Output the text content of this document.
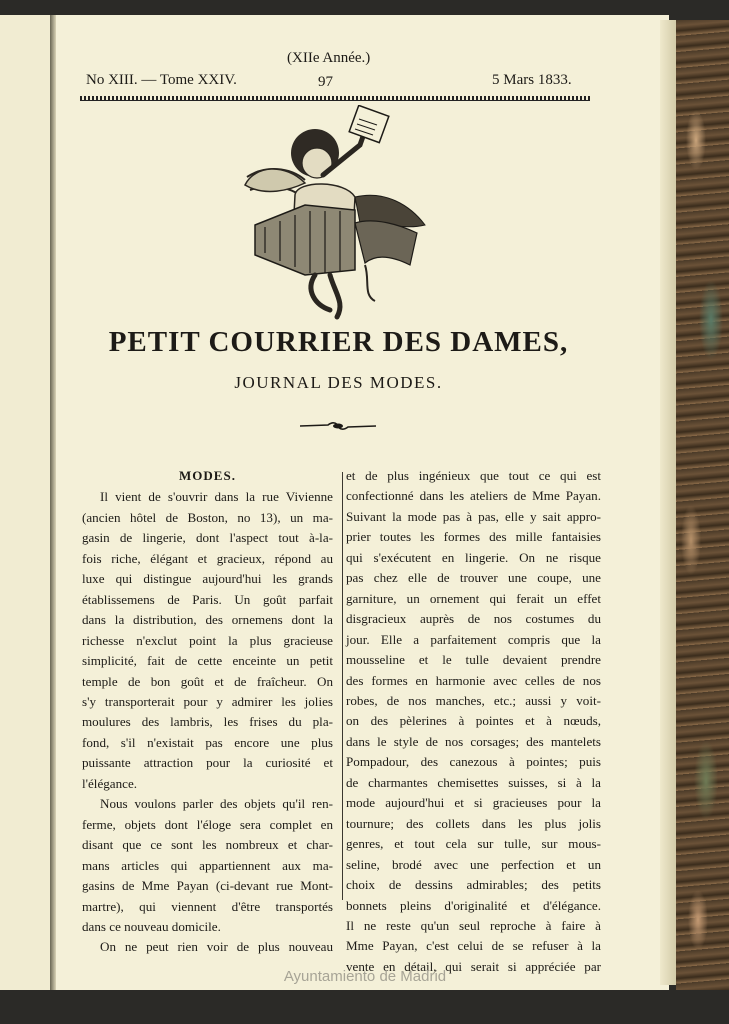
(XIIe Année.)
No XIII. — Tome XXIV.	97	5 Mars 1833.
PETIT COURRIER DES DAMES,
JOURNAL DES MODES.
MODES.
Il vient de s'ouvrir dans la rue Vivienne
(ancien hôtel de Boston, no 13), un ma-
gasin de lingerie, dont l'aspect tout à-la-
fois riche, élégant et gracieux, répond au
luxe qui distingue aujourd'hui les grands
établissemens de Paris. Un goût parfait
dans la distribution, des ornemens dont la
richesse n'exclut point la plus gracieuse
simplicité, fait de cette enceinte un petit
temple de bon goût et de fraîcheur. On
s'y transporterait pour y admirer les jolies
moulures des lambris, les frises du pla-
fond, s'il n'existait pas encore une plus
puissante attraction pour la curiosité et
l'élégance.
Nous voulons parler des objets qu'il ren-
ferme, objets dont l'éloge sera complet en
disant que ce sont les nombreux et char-
mans articles qui appartiennent aux ma-
gasins de Mme Payan (ci-devant rue Mont-
martre), qui viennent d'être transportés
dans ce nouveau domicile.
On ne peut rien voir de plus nouveau
et de plus ingénieux que tout ce qui est
confectionné dans les ateliers de Mme Payan.
Suivant la mode pas à pas, elle y sait appro-
prier toutes les formes des mille fantaisies
qui s'exécutent en lingerie. On ne risque
pas chez elle de trouver une coupe, une
garniture, un ornement qui ferait un effet
disgracieux auprès de nos costumes du
jour. Elle a parfaitement compris que la
mousseline et le tulle devaient prendre
des formes en harmonie avec celles de nos
robes, de nos manches, etc.; aussi y voit-
on des pèlerines à pointes et à nœuds,
dans le style de nos corsages; des mantelets
Pompadour, des canezous à pointes; puis
de charmantes chemisettes suisses, si à la
mode aujourd'hui et si gracieuses pour la
tournure; des collets dans les plus jolis
genres, et tout cela sur tulle, sur mous-
seline, brodé avec une perfection et un
choix de dessins admirables; des petits
bonnets pleins d'originalité et d'élégance.
Il ne reste qu'un seul reproche à faire à
Mme Payan, c'est celui de se refuser à la
vente en détail, qui serait si appréciée par
Ayuntamiento de Madrid
